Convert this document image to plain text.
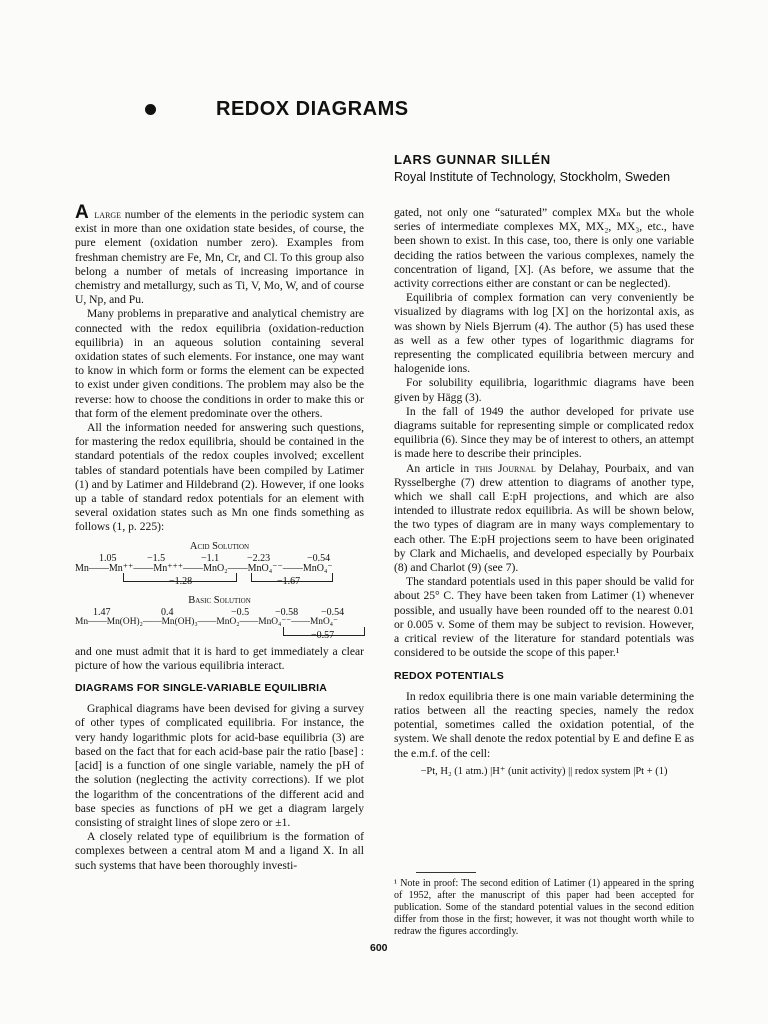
REDOX DIAGRAMS
LARS GUNNAR SILLÉN
Royal Institute of Technology, Stockholm, Sweden

A large number of the elements in the periodic system can exist in more than one oxidation state besides, of course, the pure element (oxidation number zero). Examples from freshman chemistry are Fe, Mn, Cr, and Cl. To this group also belong a number of metals of increasing importance in chemistry and metallurgy, such as Ti, V, Mo, W, and of course U, Np, and Pu.

Many problems in preparative and analytical chemistry are connected with the redox equilibria (oxidation-reduction equilibria) in an aqueous solution containing several oxidation states of such elements. For instance, one may want to know in which form or forms the element can be expected to exist under given conditions. The problem may also be the reverse: how to choose the conditions in order to make this or that form of the element predominate over the others.

All the information needed for answering such questions, for mastering the redox equilibria, should be contained in the standard potentials of the redox couples involved; excellent tables of standard potentials have been compiled by Latimer (1) and by Latimer and Hildebrand (2). However, if one looks up a table of standard redox potentials for an element with several oxidation states such as Mn one finds something as follows (1, p. 225):

Acid Solution
1.05	−1.5	−1.1	−2.23	−0.54
Mn——Mn⁺⁺——Mn⁺⁺⁺——MnO₂——MnO₄⁻⁻——MnO₄⁻
−1.28	−1.67
Basic Solution
1.47	0.4	−0.5	−0.58 −0.54
Mn——Mn(OH)₂——Mn(OH)₃——MnO₂——MnO₄⁻⁻——MnO₄⁻
−0.57

and one must admit that it is hard to get immediately a clear picture of how the various equilibria interact.

DIAGRAMS FOR SINGLE-VARIABLE EQUILIBRIA

Graphical diagrams have been devised for giving a survey of other types of complicated equilibria. For instance, the very handy logarithmic plots for acid-base equilibria (3) are based on the fact that for each acid-base pair the ratio [base] : [acid] is a function of one single variable, namely the pH of the solution (neglecting the activity corrections). If we plot the logarithm of the concentrations of the different acid and base species as functions of pH we get a diagram largely consisting of straight lines of slope zero or ±1.

A closely related type of equilibrium is the formation of complexes between a central atom M and a ligand X. In all such systems that have been thoroughly investi-

gated, not only one “saturated” complex MXₙ but the whole series of intermediate complexes MX, MX₂, MX₃, etc., have been shown to exist. In this case, too, there is only one variable deciding the ratios between the various complexes, namely the concentration of ligand, [X]. (As before, we assume that the activity corrections either are constant or can be neglected).

Equilibria of complex formation can very conveniently be visualized by diagrams with log [X] on the horizontal axis, as was shown by Niels Bjerrum (4). The author (5) has used these as well as a few other types of logarithmic diagrams for representing the complicated equilibria between mercury and halogenide ions.

For solubility equilibria, logarithmic diagrams have been given by Hägg (3).

In the fall of 1949 the author developed for private use diagrams suitable for representing simple or complicated redox equilibria (6). Since they may be of interest to others, an attempt is made here to describe their principles.

An article in this Journal by Delahay, Pourbaix, and van Rysselberghe (7) drew attention to diagrams of another type, which we shall call E:pH projections, and which are also intended to illustrate redox equilibria. As will be shown below, the two types of diagram are in many ways complementary to each other. The E:pH projections seem to have been originated by Clark and Michaelis, and developed especially by Pourbaix (8) and Charlot (9) (see 7).

The standard potentials used in this paper should be valid for about 25° C. They have been taken from Latimer (1) whenever possible, and usually have been rounded off to the nearest 0.01 or 0.005 v. Some of them may be subject to revision. However, a critical review of the literature for standard potentials was considered to be outside the scope of this paper.¹

REDOX POTENTIALS

In redox equilibria there is one main variable determining the ratios between all the reacting species, namely the redox potential, sometimes called the oxidation potential, of the system. We shall denote the redox potential by E and define E as the e.m.f. of the cell:

−Pt, H₂ (1 atm.) |H⁺ (unit activity) || redox system |Pt + (1)
¹ Note in proof: The second edition of Latimer (1) appeared in the spring of 1952, after the manuscript of this paper had been accepted for publication. Some of the standard potential values in the second edition differ from those in the first; however, it was not thought worth while to redraw the figures accordingly.
600
